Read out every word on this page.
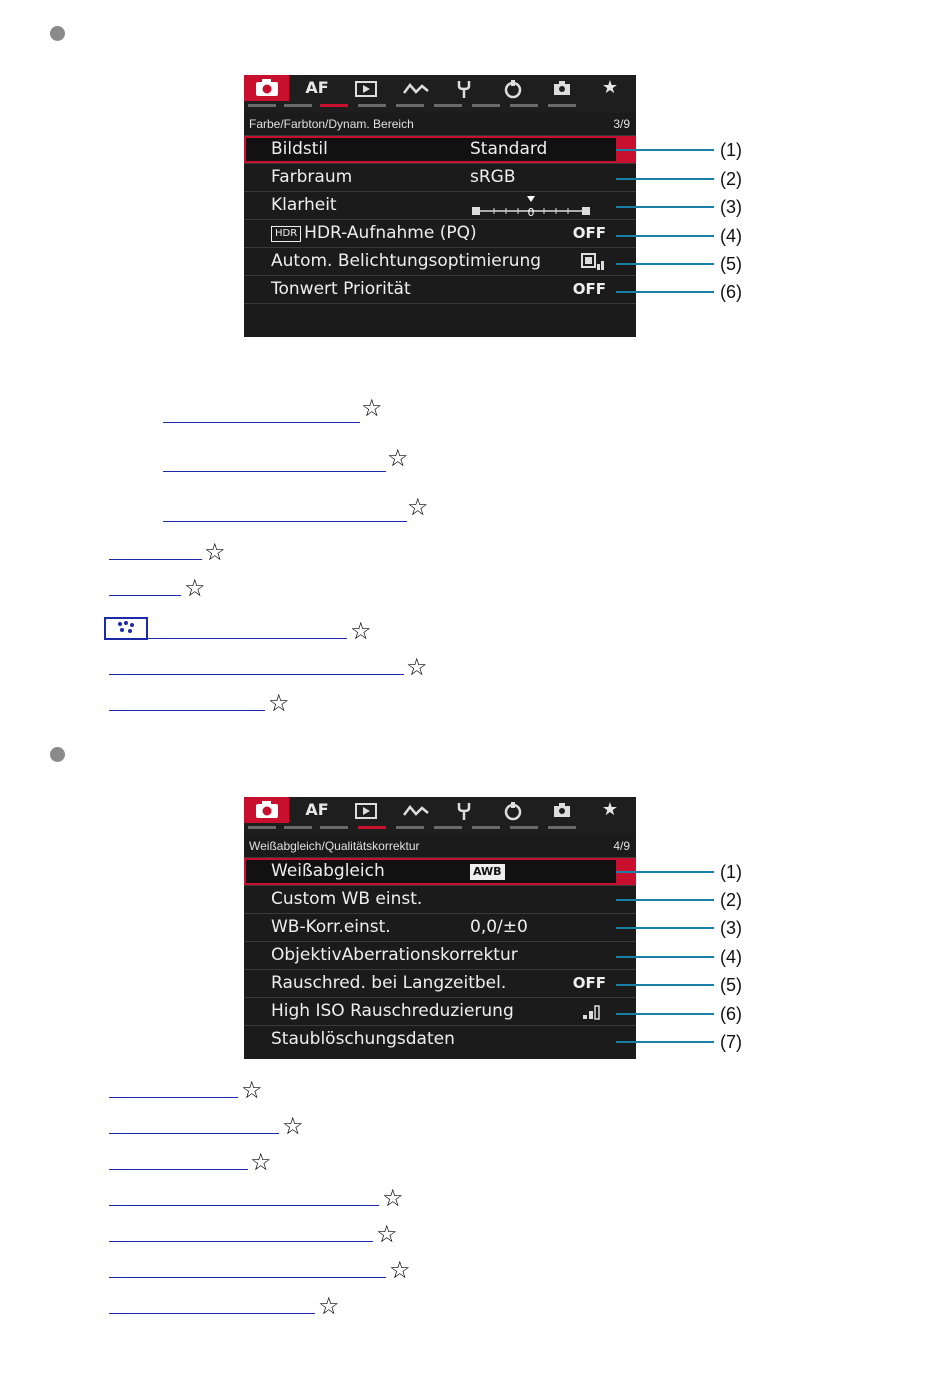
AF	★
Farbe/Farbton/Dynam. Bereich	3/9
Bildstil	Standard
Farbraum	sRGB
Klarheit	0
HDR HDR-Aufnahme (PQ)	OFF
Autom. Belichtungsoptimierung
Tonwert Priorität	OFF
(1)
(2)
(3)
(4)
(5)
(6)
☆
☆
☆
☆
☆
☆
☆
☆
AF	★
Weißabgleich/Qualitätskorrektur	4/9
Weißabgleich	AWB
Custom WB einst.
WB-Korr.einst.	0,0/±0
ObjektivAberrationskorrektur
Rauschred. bei Langzeitbel.	OFF
High ISO Rauschreduzierung
Staublöschungsdaten
(1)
(2)
(3)
(4)
(5)
(6)
(7)
☆
☆
☆
☆
☆
☆
☆
